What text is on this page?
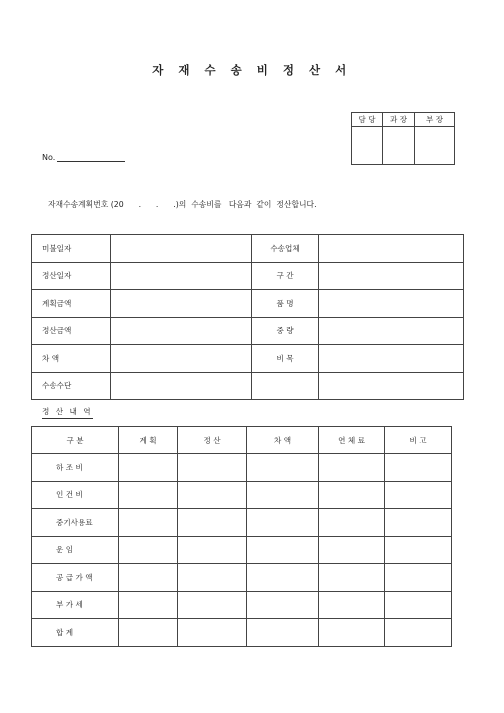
자 재 수 송 비 정 산 서
담 당	과 장	부 장

No.
자재수송계획번호 (20      .      .      .)의  수송비를   다음과  같이  정산합니다.
미불일자		수송업체	
정산일자		구 간	
계획금액		품 명	
정산금액		중 량	
차 액		비 목	
수송수단			
정 산 내 역
구 분	계 획	정 산	차 액	연 체 료	비 고
하 조 비					
인 건 비					
중기사용료					
운 임					
공 급 가 액					
부 가 세					
합 계					
